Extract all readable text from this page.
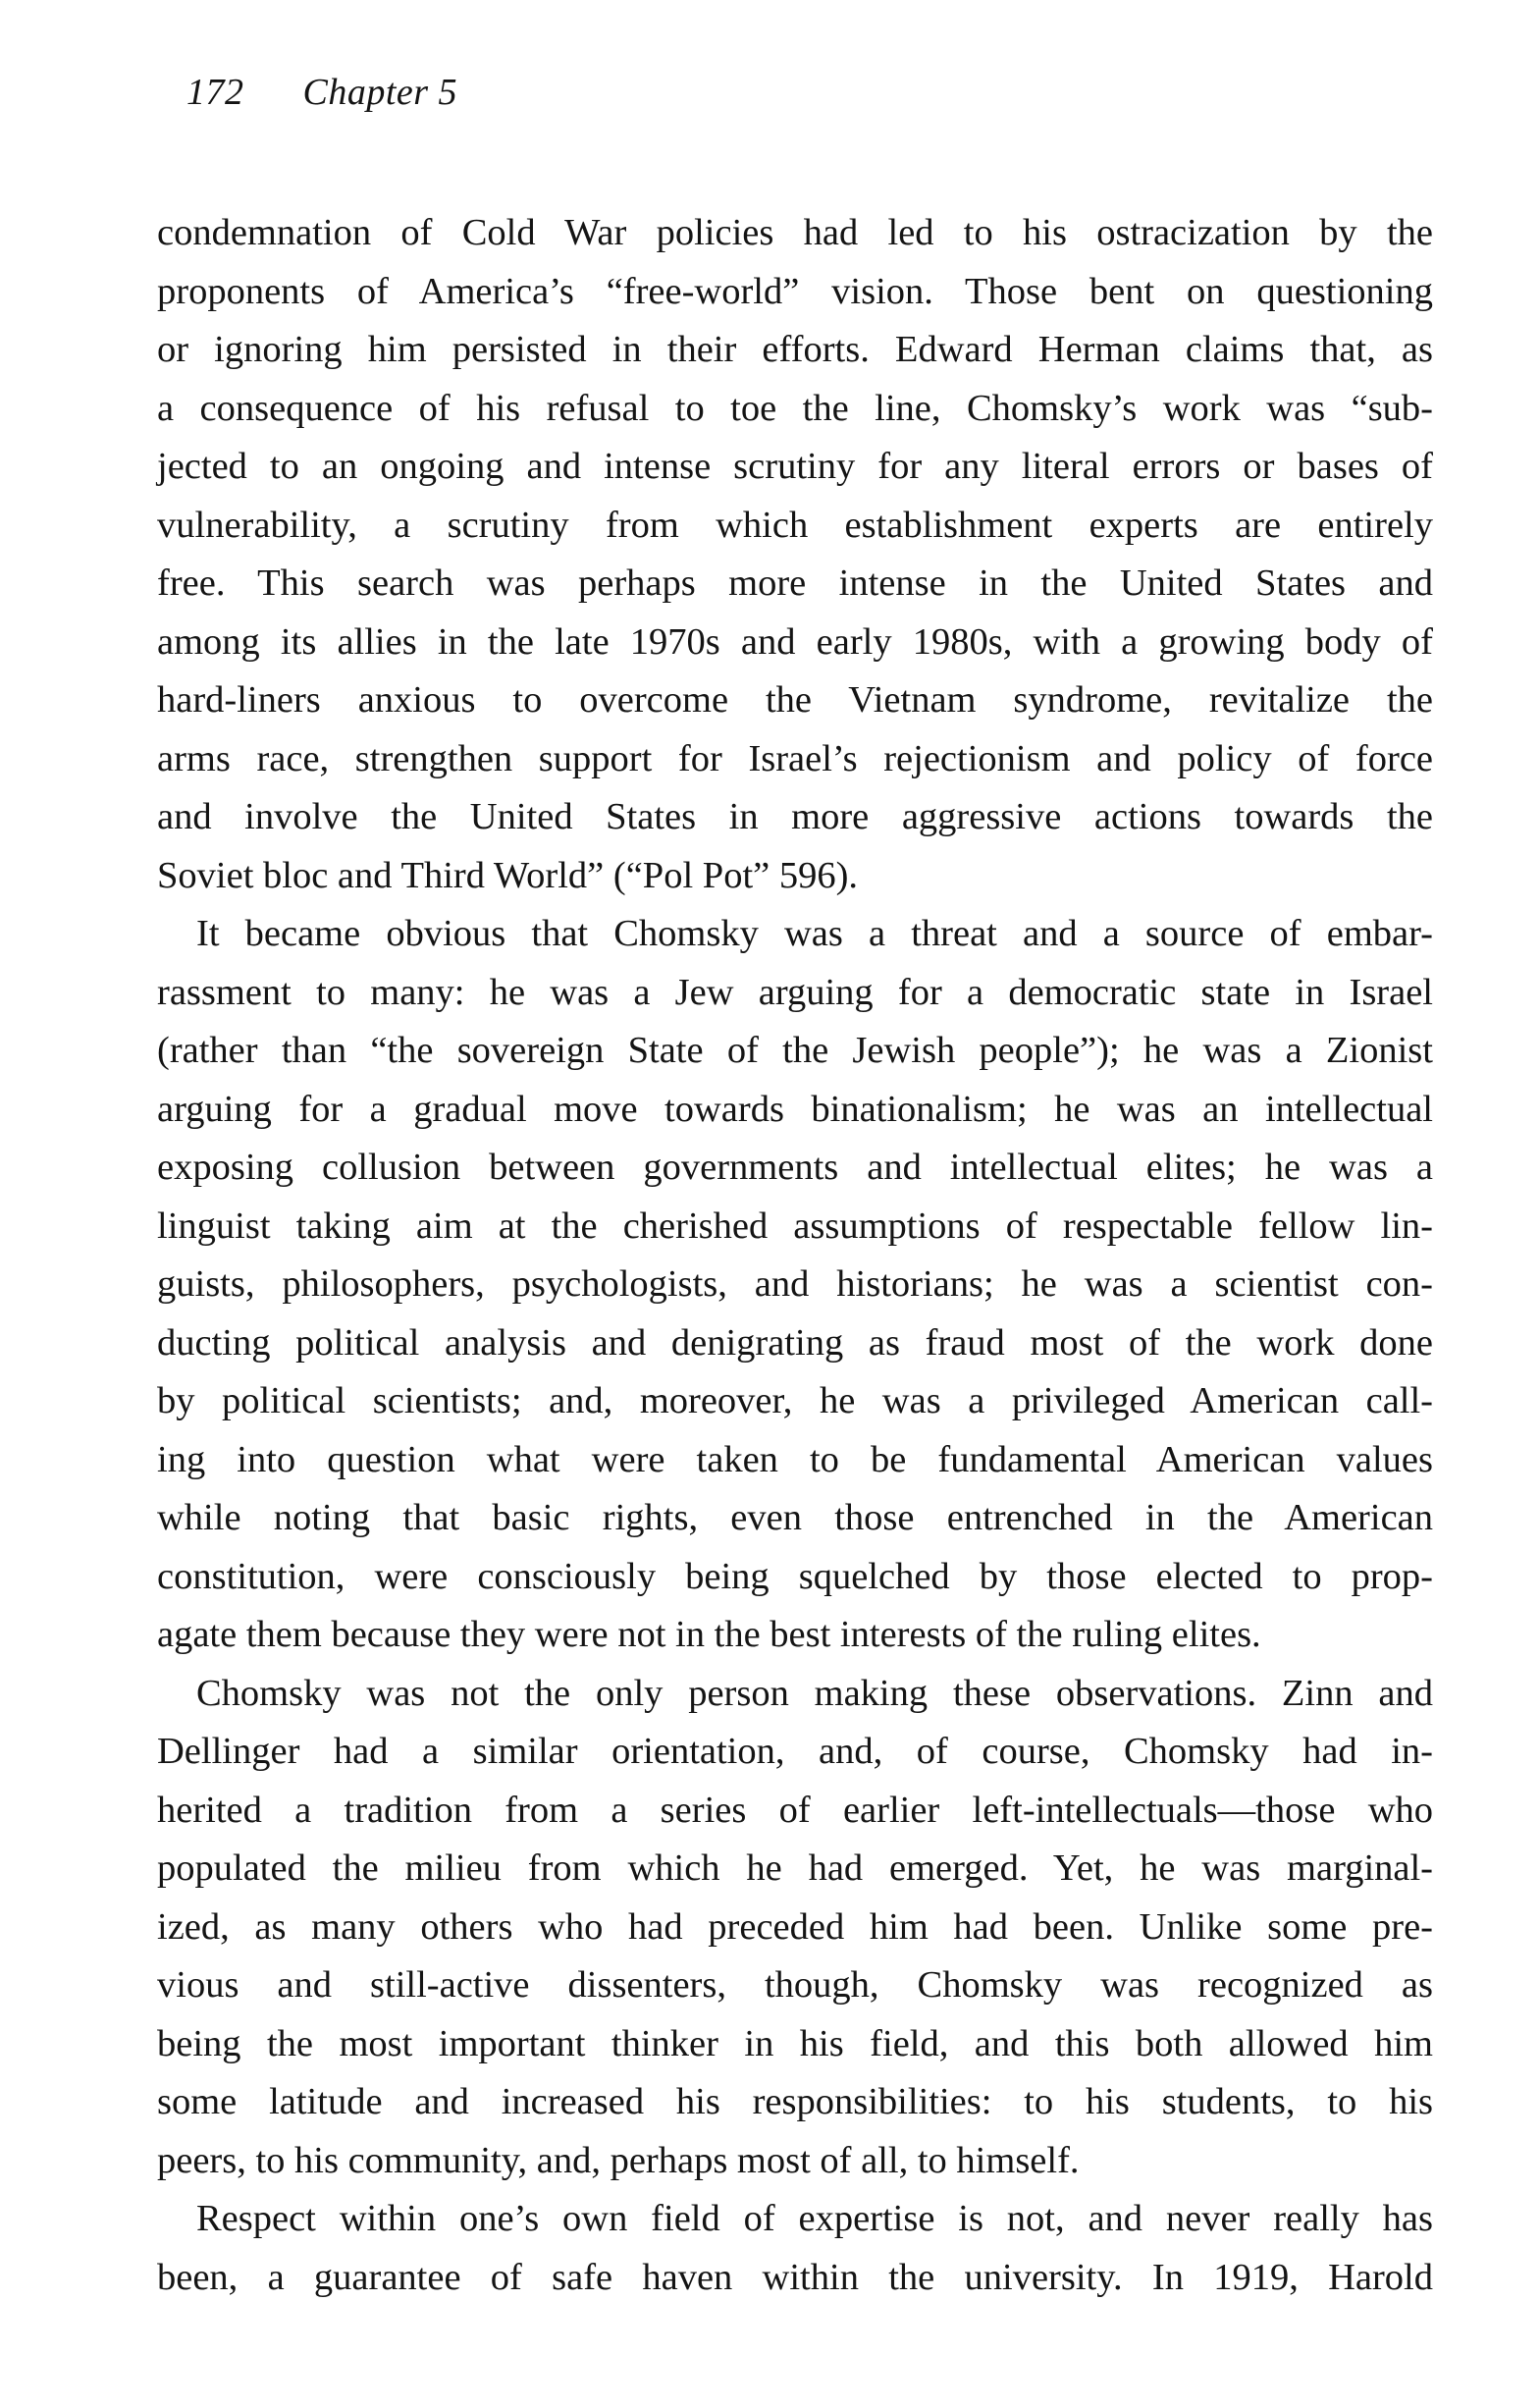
172 Chapter 5

condemnation of Cold War policies had led to his ostracization by the
proponents of America’s “free-world” vision. Those bent on questioning
or ignoring him persisted in their efforts. Edward Herman claims that, as
a consequence of his refusal to toe the line, Chomsky’s work was “sub-
jected to an ongoing and intense scrutiny for any literal errors or bases of
vulnerability, a scrutiny from which establishment experts are entirely
free. This search was perhaps more intense in the United States and
among its allies in the late 1970s and early 1980s, with a growing body of
hard-liners anxious to overcome the Vietnam syndrome, revitalize the
arms race, strengthen support for Israel’s rejectionism and policy of force
and involve the United States in more aggressive actions towards the
Soviet bloc and Third World” (“Pol Pot” 596).

It became obvious that Chomsky was a threat and a source of embar-
rassment to many: he was a Jew arguing for a democratic state in Israel
(rather than “the sovereign State of the Jewish people”); he was a Zionist
arguing for a gradual move towards binationalism; he was an intellectual
exposing collusion between governments and intellectual elites; he was a
linguist taking aim at the cherished assumptions of respectable fellow lin-
guists, philosophers, psychologists, and historians; he was a scientist con-
ducting political analysis and denigrating as fraud most of the work done
by political scientists; and, moreover, he was a privileged American call-
ing into question what were taken to be fundamental American values
while noting that basic rights, even those entrenched in the American
constitution, were consciously being squelched by those elected to prop-
agate them because they were not in the best interests of the ruling elites.

Chomsky was not the only person making these observations. Zinn and
Dellinger had a similar orientation, and, of course, Chomsky had in-
herited a tradition from a series of earlier left-intellectuals—those who
populated the milieu from which he had emerged. Yet, he was marginal-
ized, as many others who had preceded him had been. Unlike some pre-
vious and still-active dissenters, though, Chomsky was recognized as
being the most important thinker in his field, and this both allowed him
some latitude and increased his responsibilities: to his students, to his
peers, to his community, and, perhaps most of all, to himself.

Respect within one’s own field of expertise is not, and never really has
been, a guarantee of safe haven within the university. In 1919, Harold
